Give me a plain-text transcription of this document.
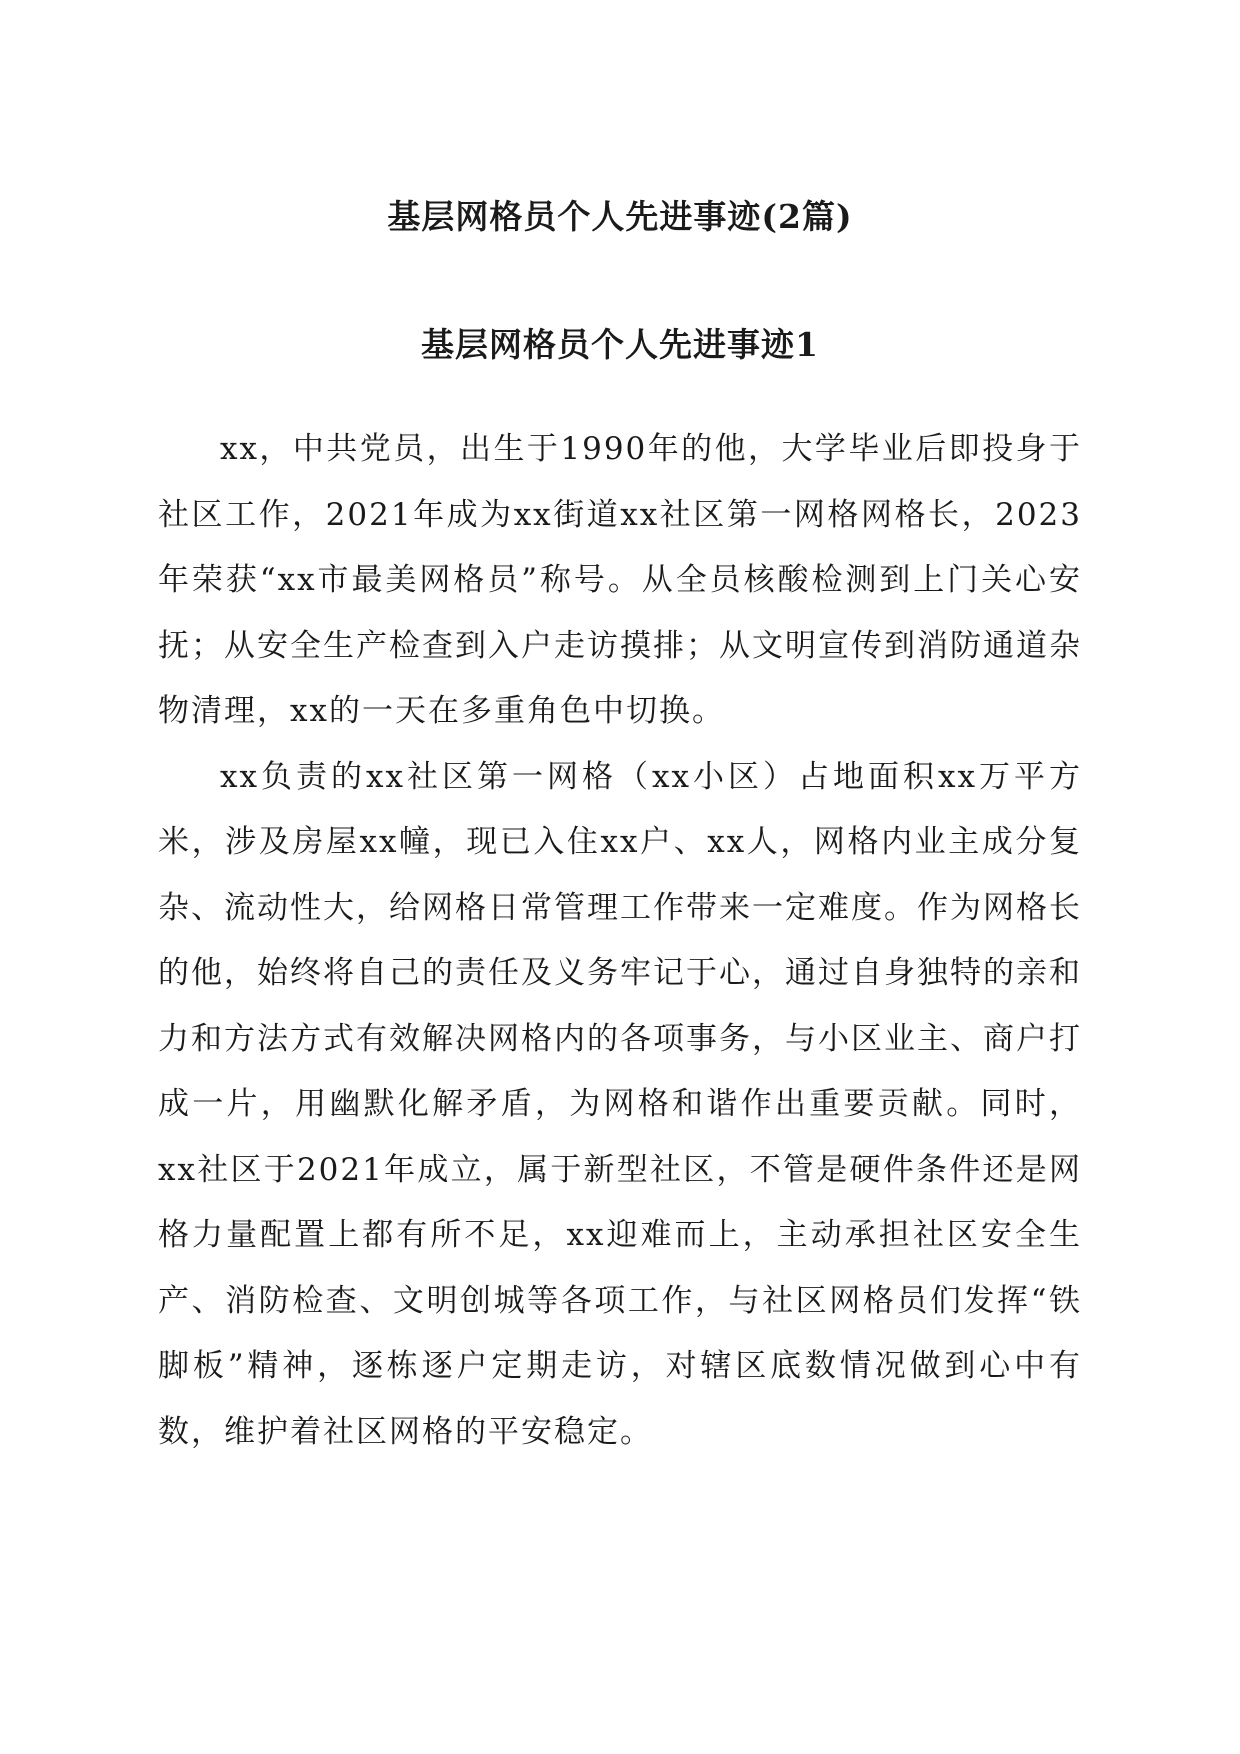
基层网格员个人先进事迹(2篇)
基层网格员个人先进事迹1

xx，中共党员，出生于1990年的他，大学毕业后即投身于社区工作，2021年成为xx街道xx社区第一网格网格长，2023年荣获“xx市最美网格员”称号。从全员核酸检测到上门关心安抚；从安全生产检查到入户走访摸排；从文明宣传到消防通道杂物清理，xx的一天在多重角色中切换。

xx负责的xx社区第一网格（xx小区）占地面积xx万平方米，涉及房屋xx幢，现已入住xx户、xx人，网格内业主成分复杂、流动性大，给网格日常管理工作带来一定难度。作为网格长的他，始终将自己的责任及义务牢记于心，通过自身独特的亲和力和方法方式有效解决网格内的各项事务，与小区业主、商户打成一片，用幽默化解矛盾，为网格和谐作出重要贡献。同时，xx社区于2021年成立，属于新型社区，不管是硬件条件还是网格力量配置上都有所不足，xx迎难而上，主动承担社区安全生产、消防检查、文明创城等各项工作，与社区网格员们发挥“铁脚板”精神，逐栋逐户定期走访，对辖区底数情况做到心中有数，维护着社区网格的平安稳定。
